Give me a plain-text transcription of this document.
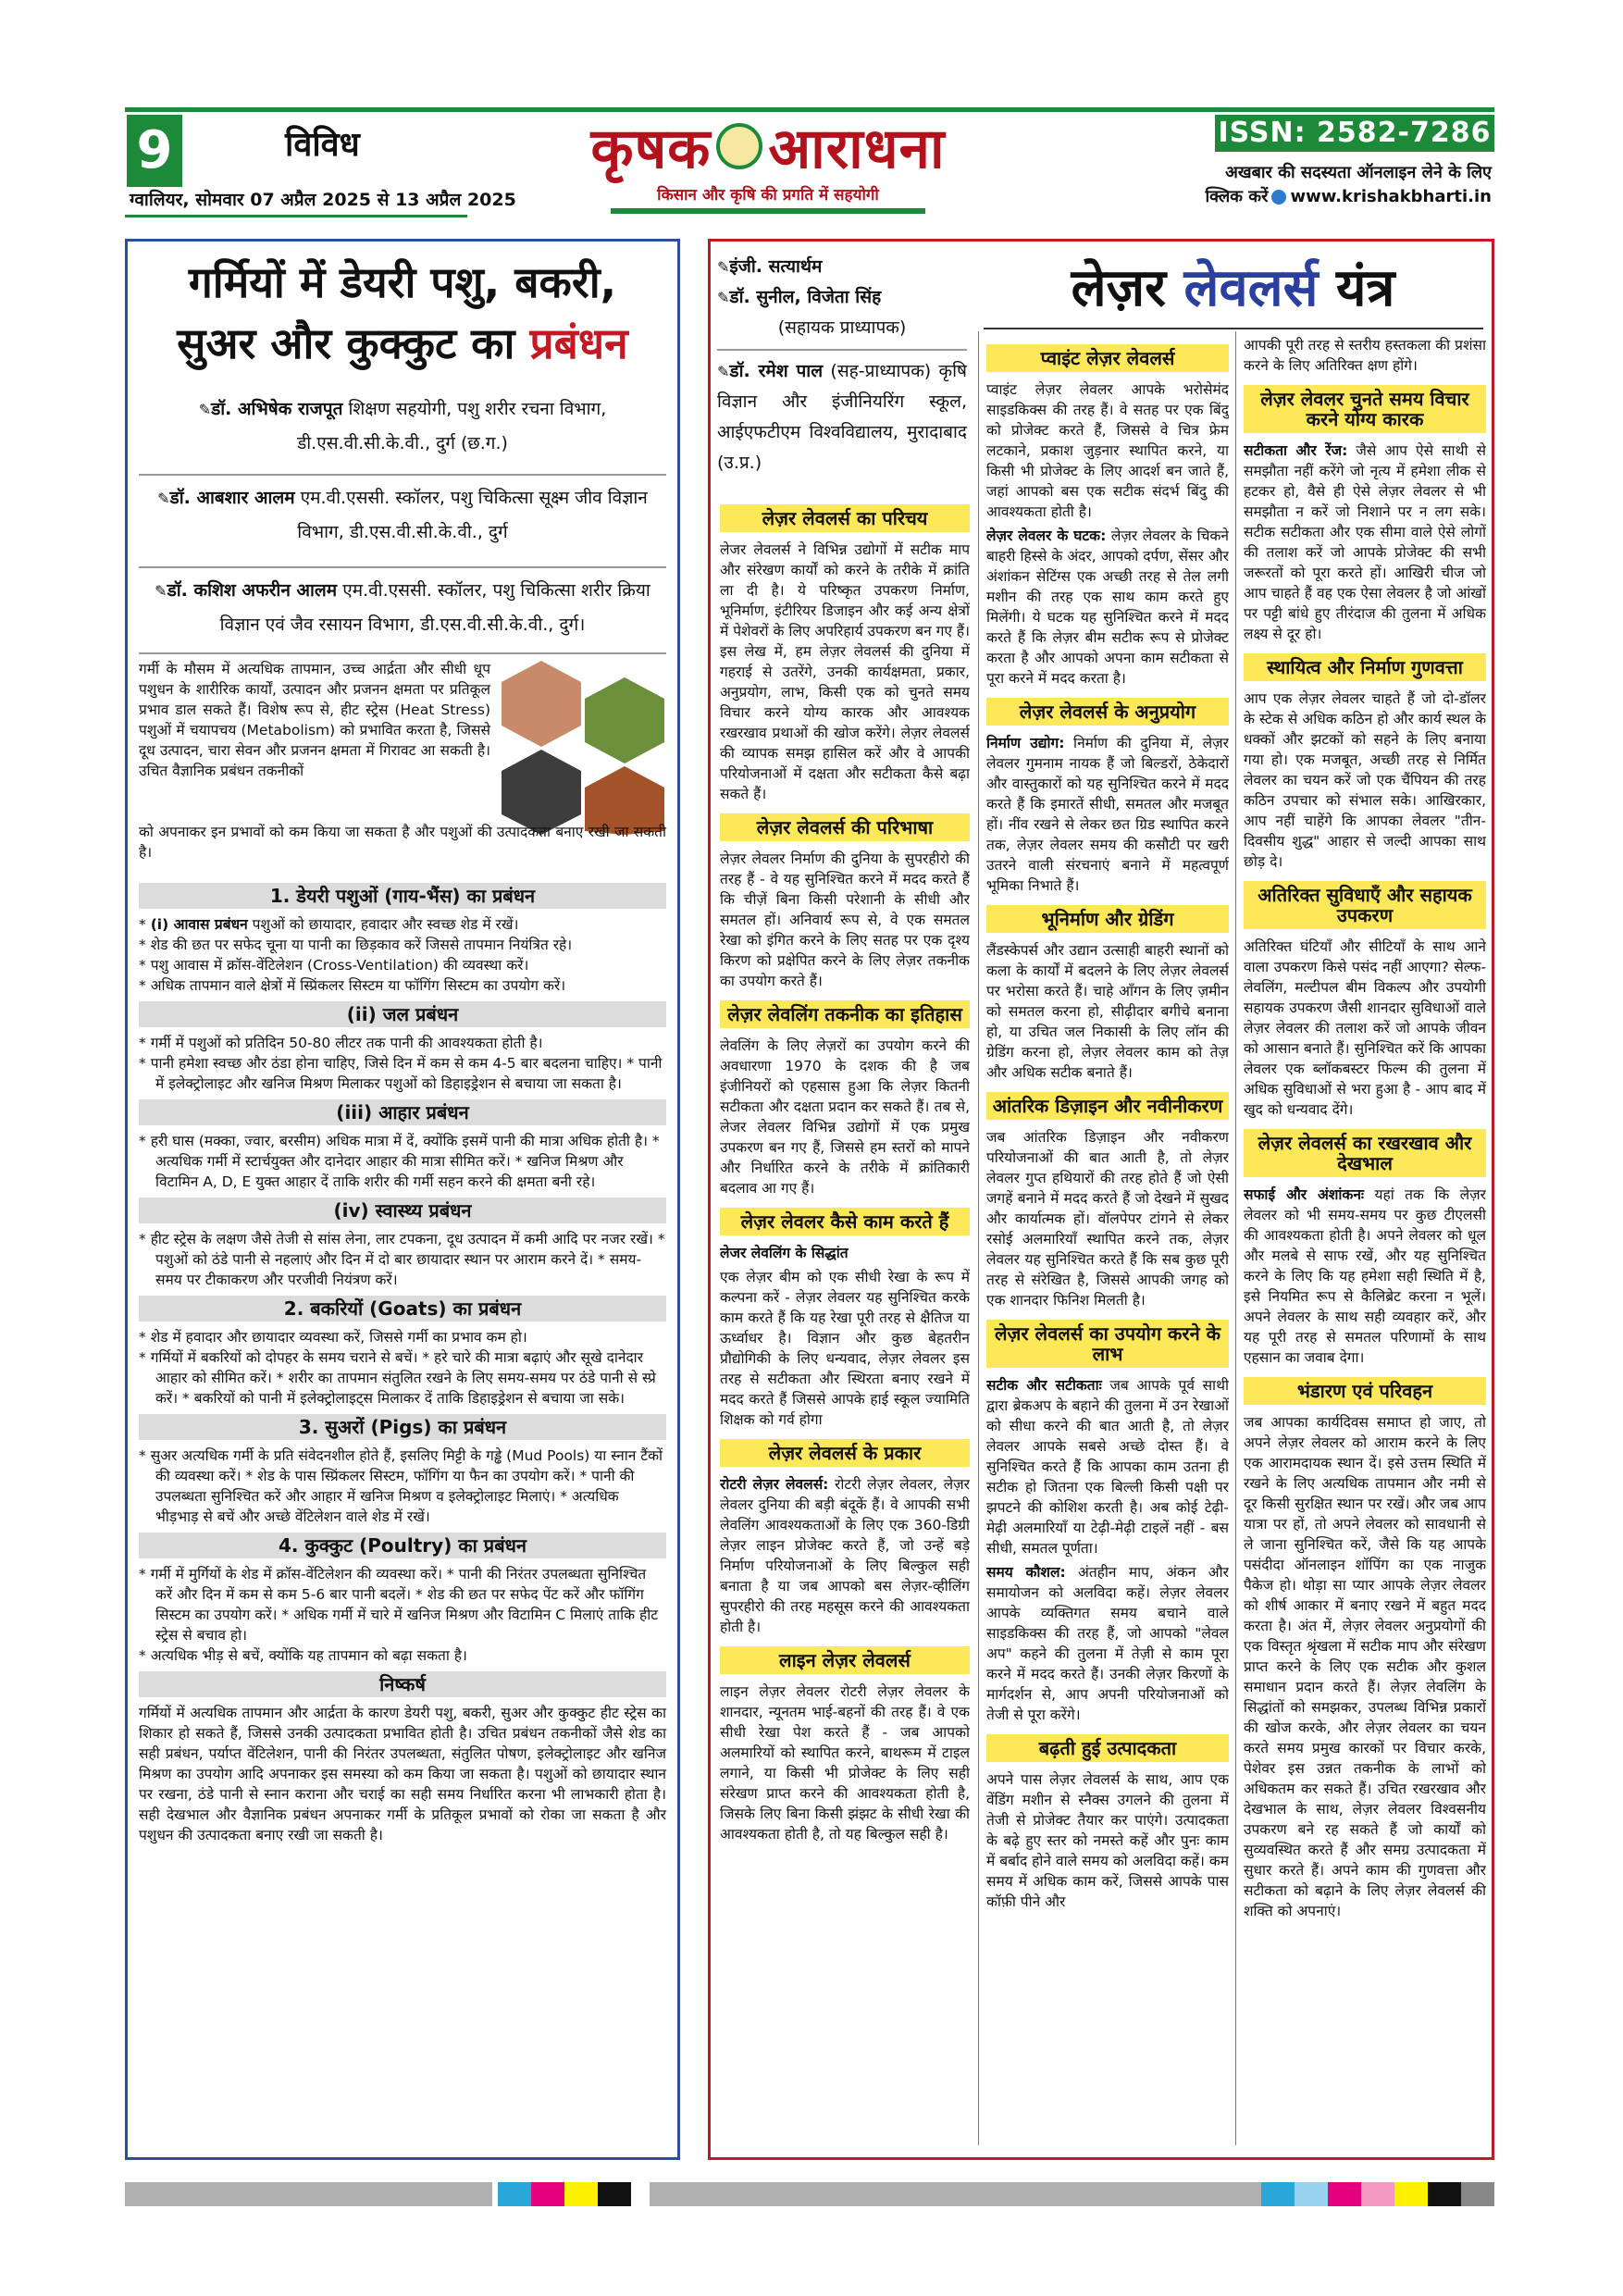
9	विविध
ग्वालियर, सोमवार 07 अप्रैल 2025 से 13 अप्रैल 2025
कृषक आराधना
किसान और कृषि की प्रगति में सहयोगी
ISSN: 2582-7286
अखबार की सदस्यता ऑनलाइन लेने के लिए
क्लिक करें www.krishakbharti.in
गर्मियों में डेयरी पशु, बकरी,
सुअर और कुक्कुट का प्रबंधन
✎डॉ. अभिषेक राजपूत शिक्षण सहयोगी, पशु शरीर रचना विभाग, डी.एस.वी.सी.के.वी., दुर्ग (छ.ग.)
✎डॉ. आबशार आलम एम.वी.एससी. स्कॉलर, पशु चिकित्सा सूक्ष्म जीव विज्ञान विभाग, डी.एस.वी.सी.के.वी., दुर्ग
✎डॉ. कशिश अफरीन आलम एम.वी.एससी. स्कॉलर, पशु चिकित्सा शरीर क्रिया विज्ञान एवं जैव रसायन विभाग, डी.एस.वी.सी.के.वी., दुर्ग।
गर्मी के मौसम में अत्यधिक तापमान, उच्च आर्द्रता और सीधी धूप पशुधन के शारीरिक कार्यों, उत्पादन और प्रजनन क्षमता पर प्रतिकूल प्रभाव डाल सकते हैं। विशेष रूप से, हीट स्ट्रेस (Heat Stress) पशुओं में चयापचय (Metabolism) को प्रभावित करता है, जिससे दूध उत्पादन, चारा सेवन और प्रजनन क्षमता में गिरावट आ सकती है। उचित वैज्ञानिक प्रबंधन तकनीकों
को अपनाकर इन प्रभावों को कम किया जा सकता है और पशुओं की उत्पादकता बनाए रखी जा सकती है।
1. डेयरी पशुओं (गाय-भैंस) का प्रबंधन
* (i) आवास प्रबंधन पशुओं को छायादार, हवादार और स्वच्छ शेड में रखें।
* शेड की छत पर सफेद चूना या पानी का छिड़काव करें जिससे तापमान नियंत्रित रहे।
* पशु आवास में क्रॉस-वेंटिलेशन (Cross-Ventilation) की व्यवस्था करें।
* अधिक तापमान वाले क्षेत्रों में स्प्रिंकलर सिस्टम या फॉगिंग सिस्टम का उपयोग करें।
(ii) जल प्रबंधन
* गर्मी में पशुओं को प्रतिदिन 50-80 लीटर तक पानी की आवश्यकता होती है।
* पानी हमेशा स्वच्छ और ठंडा होना चाहिए, जिसे दिन में कम से कम 4-5 बार बदलना चाहिए। * पानी में इलेक्ट्रोलाइट और खनिज मिश्रण मिलाकर पशुओं को डिहाइड्रेशन से बचाया जा सकता है।
(iii) आहार प्रबंधन
* हरी घास (मक्का, ज्वार, बरसीम) अधिक मात्रा में दें, क्योंकि इसमें पानी की मात्रा अधिक होती है। * अत्यधिक गर्मी में स्टार्चयुक्त और दानेदार आहार की मात्रा सीमित करें। * खनिज मिश्रण और विटामिन A, D, E युक्त आहार दें ताकि शरीर की गर्मी सहन करने की क्षमता बनी रहे।
(iv) स्वास्थ्य प्रबंधन
* हीट स्ट्रेस के लक्षण जैसे तेजी से सांस लेना, लार टपकना, दूध उत्पादन में कमी आदि पर नजर रखें। * पशुओं को ठंडे पानी से नहलाएं और दिन में दो बार छायादार स्थान पर आराम करने दें। * समय-समय पर टीकाकरण और परजीवी नियंत्रण करें।
2. बकरियों (Goats) का प्रबंधन
* शेड में हवादार और छायादार व्यवस्था करें, जिससे गर्मी का प्रभाव कम हो।
* गर्मियों में बकरियों को दोपहर के समय चराने से बचें। * हरे चारे की मात्रा बढ़ाएं और सूखे दानेदार आहार को सीमित करें। * शरीर का तापमान संतुलित रखने के लिए समय-समय पर ठंडे पानी से स्प्रे करें। * बकरियों को पानी में इलेक्ट्रोलाइट्स मिलाकर दें ताकि डिहाइड्रेशन से बचाया जा सके।
3. सुअरों (Pigs) का प्रबंधन
* सुअर अत्यधिक गर्मी के प्रति संवेदनशील होते हैं, इसलिए मिट्टी के गड्ढे (Mud Pools) या स्नान टैंकों की व्यवस्था करें। * शेड के पास स्प्रिंकलर सिस्टम, फॉगिंग या फैन का उपयोग करें। * पानी की उपलब्धता सुनिश्चित करें और आहार में खनिज मिश्रण व इलेक्ट्रोलाइट मिलाएं। * अत्यधिक भीड़भाड़ से बचें और अच्छे वेंटिलेशन वाले शेड में रखें।
4. कुक्कुट (Poultry) का प्रबंधन
* गर्मी में मुर्गियों के शेड में क्रॉस-वेंटिलेशन की व्यवस्था करें। * पानी की निरंतर उपलब्धता सुनिश्चित करें और दिन में कम से कम 5-6 बार पानी बदलें। * शेड की छत पर सफेद पेंट करें और फॉगिंग सिस्टम का उपयोग करें। * अधिक गर्मी में चारे में खनिज मिश्रण और विटामिन C मिलाएं ताकि हीट स्ट्रेस से बचाव हो।
* अत्यधिक भीड़ से बचें, क्योंकि यह तापमान को बढ़ा सकता है।
निष्कर्ष

गर्मियों में अत्यधिक तापमान और आर्द्रता के कारण डेयरी पशु, बकरी, सुअर और कुक्कुट हीट स्ट्रेस का शिकार हो सकते हैं, जिससे उनकी उत्पादकता प्रभावित होती है। उचित प्रबंधन तकनीकों जैसे शेड का सही प्रबंधन, पर्याप्त वेंटिलेशन, पानी की निरंतर उपलब्धता, संतुलित पोषण, इलेक्ट्रोलाइट और खनिज मिश्रण का उपयोग आदि अपनाकर इस समस्या को कम किया जा सकता है। पशुओं को छायादार स्थान पर रखना, ठंडे पानी से स्नान कराना और चराई का सही समय निर्धारित करना भी लाभकारी होता है। सही देखभाल और वैज्ञानिक प्रबंधन अपनाकर गर्मी के प्रतिकूल प्रभावों को रोका जा सकता है और पशुधन की उत्पादकता बनाए रखी जा सकती है।

✎इंजी. सत्यार्थम
✎डॉ. सुनील, विजेता सिंह
(सहायक प्राध्यापक)
✎डॉ. रमेश पाल (सह-प्राध्यापक) कृषि विज्ञान और इंजीनियरिंग स्कूल, आईएफटीएम विश्वविद्यालय, मुरादाबाद (उ.प्र.)
लेज़र लेवलर्स यंत्र
लेज़र लेवलर्स का परिचय

लेजर लेवलर्स ने विभिन्न उद्योगों में सटीक माप और संरेखण कार्यों को करने के तरीके में क्रांति ला दी है। ये परिष्कृत उपकरण निर्माण, भूनिर्माण, इंटीरियर डिजाइन और कई अन्य क्षेत्रों में पेशेवरों के लिए अपरिहार्य उपकरण बन गए हैं। इस लेख में, हम लेज़र लेवलर्स की दुनिया में गहराई से उतरेंगे, उनकी कार्यक्षमता, प्रकार, अनुप्रयोग, लाभ, किसी एक को चुनते समय विचार करने योग्य कारक और आवश्यक रखरखाव प्रथाओं की खोज करेंगे। लेज़र लेवलर्स की व्यापक समझ हासिल करें और वे आपकी परियोजनाओं में दक्षता और सटीकता कैसे बढ़ा सकते हैं।

लेज़र लेवलर्स की परिभाषा

लेज़र लेवलर निर्माण की दुनिया के सुपरहीरो की तरह हैं - वे यह सुनिश्चित करने में मदद करते हैं कि चीज़ें बिना किसी परेशानी के सीधी और समतल हों। अनिवार्य रूप से, वे एक समतल रेखा को इंगित करने के लिए सतह पर एक दृश्य किरण को प्रक्षेपित करने के लिए लेज़र तकनीक का उपयोग करते हैं।

लेज़र लेवलिंग तकनीक का इतिहास

लेवलिंग के लिए लेज़रों का उपयोग करने की अवधारणा 1970 के दशक की है जब इंजीनियरों को एहसास हुआ कि लेज़र कितनी सटीकता और दक्षता प्रदान कर सकते हैं। तब से, लेजर लेवलर विभिन्न उद्योगों में एक प्रमुख उपकरण बन गए हैं, जिससे हम स्तरों को मापने और निर्धारित करने के तरीके में क्रांतिकारी बदलाव आ गए हैं।

लेज़र लेवलर कैसे काम करते हैं

लेजर लेवलिंग के सिद्धांत

एक लेज़र बीम को एक सीधी रेखा के रूप में कल्पना करें - लेज़र लेवलर यह सुनिश्चित करके काम करते हैं कि यह रेखा पूरी तरह से क्षैतिज या ऊर्ध्वाधर है। विज्ञान और कुछ बेहतरीन प्रौद्योगिकी के लिए धन्यवाद, लेज़र लेवलर इस तरह से सटीकता और स्थिरता बनाए रखने में मदद करते हैं जिससे आपके हाई स्कूल ज्यामिति शिक्षक को गर्व होगा

लेज़र लेवलर्स के प्रकार

रोटरी लेज़र लेवलर्स: रोटरी लेज़र लेवलर, लेज़र लेवलर दुनिया की बड़ी बंदूकें हैं। वे आपकी सभी लेवलिंग आवश्यकताओं के लिए एक 360-डिग्री लेज़र लाइन प्रोजेक्ट करते हैं, जो उन्हें बड़े निर्माण परियोजनाओं के लिए बिल्कुल सही बनाता है या जब आपको बस लेज़र-व्हीलिंग सुपरहीरो की तरह महसूस करने की आवश्यकता होती है।

लाइन लेज़र लेवलर्स

लाइन लेज़र लेवलर रोटरी लेज़र लेवलर के शानदार, न्यूनतम भाई-बहनों की तरह हैं। वे एक सीधी रेखा पेश करते हैं - जब आपको अलमारियों को स्थापित करने, बाथरूम में टाइल लगाने, या किसी भी प्रोजेक्ट के लिए सही संरेखण प्राप्त करने की आवश्यकता होती है, जिसके लिए बिना किसी झंझट के सीधी रेखा की आवश्यकता होती है, तो यह बिल्कुल सही है।

प्वाइंट लेज़र लेवलर्स

प्वाइंट लेज़र लेवलर आपके भरोसेमंद साइडकिक्स की तरह हैं। वे सतह पर एक बिंदु को प्रोजेक्ट करते हैं, जिससे वे चित्र फ्रेम लटकाने, प्रकाश जुड़नार स्थापित करने, या किसी भी प्रोजेक्ट के लिए आदर्श बन जाते हैं, जहां आपको बस एक सटीक संदर्भ बिंदु की आवश्यकता होती है।

लेज़र लेवलर के घटक: लेज़र लेवलर के चिकने बाहरी हिस्से के अंदर, आपको दर्पण, सेंसर और अंशांकन सेटिंग्स एक अच्छी तरह से तेल लगी मशीन की तरह एक साथ काम करते हुए मिलेंगी। ये घटक यह सुनिश्चित करने में मदद करते हैं कि लेज़र बीम सटीक रूप से प्रोजेक्ट करता है और आपको अपना काम सटीकता से पूरा करने में मदद करता है।

लेज़र लेवलर्स के अनुप्रयोग

निर्माण उद्योग: निर्माण की दुनिया में, लेज़र लेवलर गुमनाम नायक हैं जो बिल्डरों, ठेकेदारों और वास्तुकारों को यह सुनिश्चित करने में मदद करते हैं कि इमारतें सीधी, समतल और मजबूत हों। नींव रखने से लेकर छत ग्रिड स्थापित करने तक, लेज़र लेवलर समय की कसौटी पर खरी उतरने वाली संरचनाएं बनाने में महत्वपूर्ण भूमिका निभाते हैं।

भूनिर्माण और ग्रेडिंग

लैंडस्केपर्स और उद्यान उत्साही बाहरी स्थानों को कला के कार्यों में बदलने के लिए लेज़र लेवलर्स पर भरोसा करते हैं। चाहे आँगन के लिए ज़मीन को समतल करना हो, सीढ़ीदार बगीचे बनाना हो, या उचित जल निकासी के लिए लॉन की ग्रेडिंग करना हो, लेज़र लेवलर काम को तेज़ और अधिक सटीक बनाते हैं।

आंतरिक डिज़ाइन और नवीनीकरण

जब आंतरिक डिज़ाइन और नवीकरण परियोजनाओं की बात आती है, तो लेज़र लेवलर गुप्त हथियारों की तरह होते हैं जो ऐसी जगहें बनाने में मदद करते हैं जो देखने में सुखद और कार्यात्मक हों। वॉलपेपर टांगने से लेकर रसोई अलमारियाँ स्थापित करने तक, लेज़र लेवलर यह सुनिश्चित करते हैं कि सब कुछ पूरी तरह से संरेखित है, जिससे आपकी जगह को एक शानदार फिनिश मिलती है।

लेज़र लेवलर्स का उपयोग करने के लाभ

सटीक और सटीकताः जब आपके पूर्व साथी द्वारा ब्रेकअप के बहाने की तुलना में उन रेखाओं को सीधा करने की बात आती है, तो लेज़र लेवलर आपके सबसे अच्छे दोस्त हैं। वे सुनिश्चित करते हैं कि आपका काम उतना ही सटीक हो जितना एक बिल्ली किसी पक्षी पर झपटने की कोशिश करती है। अब कोई टेढ़ी-मेढ़ी अलमारियाँ या टेढ़ी-मेढ़ी टाइलें नहीं - बस सीधी, समतल पूर्णता।

समय कौशल: अंतहीन माप, अंकन और समायोजन को अलविदा कहें। लेज़र लेवलर आपके व्यक्तिगत समय बचाने वाले साइडकिक्स की तरह हैं, जो आपको "लेवल अप" कहने की तुलना में तेज़ी से काम पूरा करने में मदद करते हैं। उनकी लेज़र किरणों के मार्गदर्शन से, आप अपनी परियोजनाओं को तेजी से पूरा करेंगे।

बढ़ती हुई उत्पादकता

अपने पास लेज़र लेवलर्स के साथ, आप एक वेंडिंग मशीन से स्नैक्स उगलने की तुलना में तेजी से प्रोजेक्ट तैयार कर पाएंगे। उत्पादकता के बढ़े हुए स्तर को नमस्ते कहें और पुनः काम में बर्बाद होने वाले समय को अलविदा कहें। कम समय में अधिक काम करें, जिससे आपके पास कॉफ़ी पीने और

आपकी पूरी तरह से स्तरीय हस्तकला की प्रशंसा करने के लिए अतिरिक्त क्षण होंगे।

लेज़र लेवलर चुनते समय विचार करने योग्य कारक

सटीकता और रेंज: जैसे आप ऐसे साथी से समझौता नहीं करेंगे जो नृत्य में हमेशा लीक से हटकर हो, वैसे ही ऐसे लेज़र लेवलर से भी समझौता न करें जो निशाने पर न लग सके। सटीक सटीकता और एक सीमा वाले ऐसे लोगों की तलाश करें जो आपके प्रोजेक्ट की सभी जरूरतों को पूरा करते हों। आखिरी चीज जो आप चाहते हैं वह एक ऐसा लेवलर है जो आंखों पर पट्टी बांधे हुए तीरंदाज की तुलना में अधिक लक्ष्य से दूर हो।

स्थायित्व और निर्माण गुणवत्ता

आप एक लेज़र लेवलर चाहते हैं जो दो-डॉलर के स्टेक से अधिक कठिन हो और कार्य स्थल के धक्कों और झटकों को सहने के लिए बनाया गया हो। एक मजबूत, अच्छी तरह से निर्मित लेवलर का चयन करें जो एक चैंपियन की तरह कठिन उपचार को संभाल सके। आखिरकार, आप नहीं चाहेंगे कि आपका लेवलर "तीन-दिवसीय शुद्ध" आहार से जल्दी आपका साथ छोड़ दे।

अतिरिक्त सुविधाएँ और सहायक उपकरण

अतिरिक्त घंटियाँ और सीटियाँ के साथ आने वाला उपकरण किसे पसंद नहीं आएगा? सेल्फ-लेवलिंग, मल्टीपल बीम विकल्प और उपयोगी सहायक उपकरण जैसी शानदार सुविधाओं वाले लेज़र लेवलर की तलाश करें जो आपके जीवन को आसान बनाते हैं। सुनिश्चित करें कि आपका लेवलर एक ब्लॉकबस्टर फिल्म की तुलना में अधिक सुविधाओं से भरा हुआ है - आप बाद में खुद को धन्यवाद देंगे।

लेज़र लेवलर्स का रखरखाव और देखभाल

सफाई और अंशांकनः यहां तक कि लेज़र लेवलर को भी समय-समय पर कुछ टीएलसी की आवश्यकता होती है। अपने लेवलर को धूल और मलबे से साफ रखें, और यह सुनिश्चित करने के लिए कि यह हमेशा सही स्थिति में है, इसे नियमित रूप से कैलिब्रेट करना न भूलें। अपने लेवलर के साथ सही व्यवहार करें, और यह पूरी तरह से समतल परिणामों के साथ एहसान का जवाब देगा।

भंडारण एवं परिवहन

जब आपका कार्यदिवस समाप्त हो जाए, तो अपने लेज़र लेवलर को आराम करने के लिए एक आरामदायक स्थान दें। इसे उत्तम स्थिति में रखने के लिए अत्यधिक तापमान और नमी से दूर किसी सुरक्षित स्थान पर रखें। और जब आप यात्रा पर हों, तो अपने लेवलर को सावधानी से ले जाना सुनिश्चित करें, जैसे कि यह आपके पसंदीदा ऑनलाइन शॉपिंग का एक नाजुक पैकेज हो। थोड़ा सा प्यार आपके लेज़र लेवलर को शीर्ष आकार में बनाए रखने में बहुत मदद करता है। अंत में, लेज़र लेवलर अनुप्रयोगों की एक विस्तृत श्रृंखला में सटीक माप और संरेखण प्राप्त करने के लिए एक सटीक और कुशल समाधान प्रदान करते हैं। लेज़र लेवलिंग के सिद्धांतों को समझकर, उपलब्ध विभिन्न प्रकारों की खोज करके, और लेज़र लेवलर का चयन करते समय प्रमुख कारकों पर विचार करके, पेशेवर इस उन्नत तकनीक के लाभों को अधिकतम कर सकते हैं। उचित रखरखाव और देखभाल के साथ, लेज़र लेवलर विश्वसनीय उपकरण बने रह सकते हैं जो कार्यों को सुव्यवस्थित करते हैं और समग्र उत्पादकता में सुधार करते हैं। अपने काम की गुणवत्ता और सटीकता को बढ़ाने के लिए लेज़र लेवलर्स की शक्ति को अपनाएं।
